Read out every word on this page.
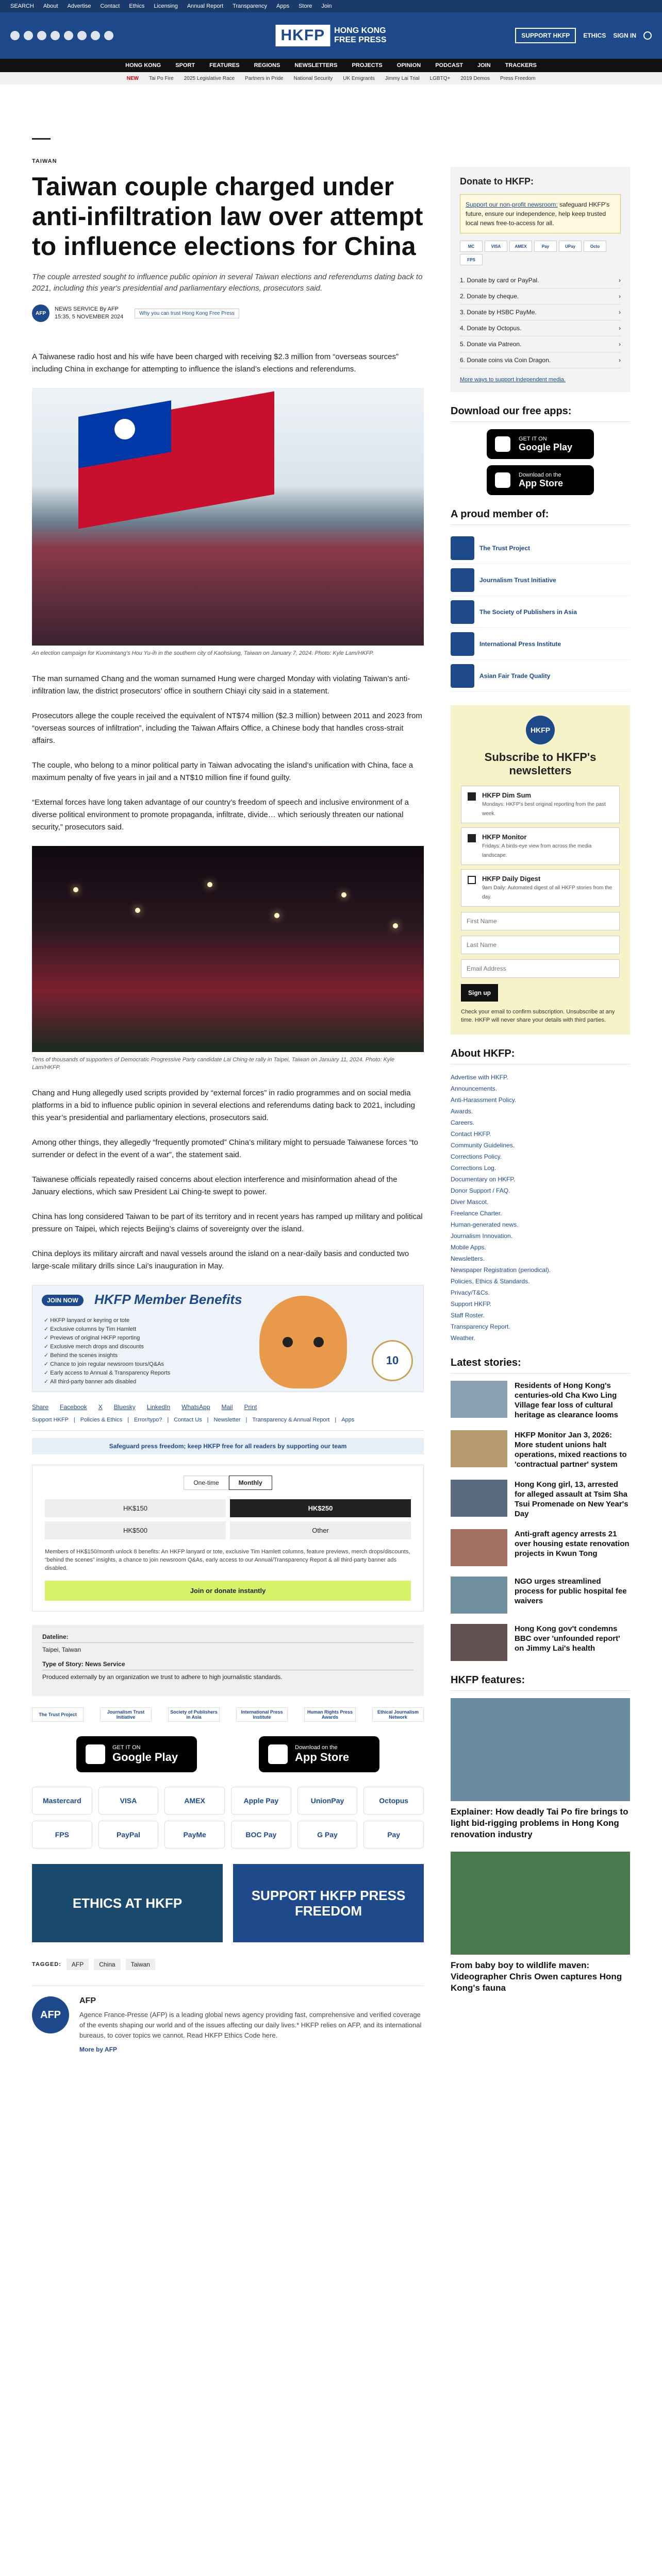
SEARCH About Advertise Contact Ethics Licensing Annual Report Transparency Apps Store Join
HKFP	HONG KONG
FREE PRESS	SUPPORT HKFP	ETHICS SIGN IN
HONG KONG	SPORT	FEATURES	REGIONS	NEWSLETTERS	PROJECTS	OPINION	PODCAST	JOIN	TRACKERS
NEW Tai Po Fire 2025 Legislative Race Partners in Pride National Security UK Emigrants Jimmy Lai Trial LGBTQ+ 2019 Demos Press Freedom
TAIWAN
Taiwan couple charged under anti-infiltration law over attempt to influence elections for China

The couple arrested sought to influence public opinion in several Taiwan elections and referendums dating back to 2021, including this year's presidential and parliamentary elections, prosecutors said.

AFP
NEWS SERVICE By AFP
15:35, 5 NOVEMBER 2024
Why you can trust Hong Kong Free Press

A Taiwanese radio host and his wife have been charged with receiving $2.3 million from “overseas sources” including China in exchange for attempting to influence the island’s elections and referendums.

An election campaign for Kuomintang’s Hou Yu-ih in the southern city of Kaohsiung, Taiwan on January 7, 2024. Photo: Kyle Lam/HKFP.

The man surnamed Chang and the woman surnamed Hung were charged Monday with violating Taiwan’s anti-infiltration law, the district prosecutors’ office in southern Chiayi city said in a statement.

Prosecutors allege the couple received the equivalent of NT$74 million ($2.3 million) between 2011 and 2023 from “overseas sources of infiltration”, including the Taiwan Affairs Office, a Chinese body that handles cross-strait affairs.

The couple, who belong to a minor political party in Taiwan advocating the island’s unification with China, face a maximum penalty of five years in jail and a NT$10 million fine if found guilty.

“External forces have long taken advantage of our country’s freedom of speech and inclusive environment of a diverse political environment to promote propaganda, infiltrate, divide… which seriously threaten our national security,” prosecutors said.

Tens of thousands of supporters of Democratic Progressive Party candidate Lai Ching-te rally in Taipei, Taiwan on January 11, 2024. Photo: Kyle Lam/HKFP.

Chang and Hung allegedly used scripts provided by “external forces” in radio programmes and on social media platforms in a bid to influence public opinion in several elections and referendums dating back to 2021, including this year’s presidential and parliamentary elections, prosecutors said.

Among other things, they allegedly “frequently promoted” China’s military might to persuade Taiwanese forces “to surrender or defect in the event of a war”, the statement said.

Taiwanese officials repeatedly raised concerns about election interference and misinformation ahead of the January elections, which saw President Lai Ching-te swept to power.

China has long considered Taiwan to be part of its territory and in recent years has ramped up military and political pressure on Taipei, which rejects Beijing’s claims of sovereignty over the island.

China deploys its military aircraft and naval vessels around the island on a near-daily basis and conducted two large-scale military drills since Lai’s inauguration in May.

JOIN NOW	HKFP Member Benefits
✓ HKFP lanyard or keyring or tote
✓ Exclusive columns by Tim Hamlett
✓ Previews of original HKFP reporting
✓ Exclusive merch drops and discounts
✓ Behind the scenes insights
✓ Chance to join regular newsroom tours/Q&As
✓ Early access to Annual & Transparency Reports
✓ All third-party banner ads disabled
10
Share Facebook X Bluesky LinkedIn WhatsApp Mail Print
Support HKFP | Policies & Ethics | Error/typo? | Contact Us | Newsletter | Transparency & Annual Report | Apps
Safeguard press freedom; keep HKFP free for all readers by supporting our team
One-time	Monthly
HK$150	HK$250
HK$500	Other

Members of HK$150/month unlock 8 benefits: An HKFP lanyard or tote, exclusive Tim Hamlett columns, feature previews, merch drops/discounts, “behind the scenes” insights, a chance to join newsroom Q&As, early access to our Annual/Transparency Report & all third-party banner ads disabled.

Join or donate instantly
Dateline:
Taipei, Taiwan
Type of Story: News Service
Produced externally by an organization we trust to adhere to high journalistic standards.
The Trust Project	Journalism Trust Initiative
Society of Publishers in Asia
International Press Institute
Human Rights Press Awards
Ethical Journalism Network
GET IT ON
Google Play
Download on the
App Store
Mastercard	VISA	AMEX	Apple Pay	UnionPay	Octopus
FPS	PayPal	PayMe	BOC Pay	G Pay	Pay
ETHICS AT HKFP	SUPPORT HKFP PRESS FREEDOM
TAGGED:	AFP	China	Taiwan
AFP
AFP

Agence France-Presse (AFP) is a leading global news agency providing fast, comprehensive and verified coverage of the events shaping our world and of the issues affecting our daily lives.* HKFP relies on AFP, and its international bureaus, to cover topics we cannot. Read HKFP Ethics Code here.

More by AFP
Donate to HKFP:
Support our non-profit newsroom: safeguard HKFP's future, ensure our independence, help keep trusted local news free-to-access for all.
MC	VISA	AMEX	Pay	UPay	Octo
FPS
1. Donate by card or PayPal.	›
2. Donate by cheque.	›
3. Donate by HSBC PayMe.	›
4. Donate by Octopus.	›
5. Donate via Patreon.	›
6. Donate coins via Coin Dragon.	›
More ways to support independent media.
Download our free apps:
GET IT ON
Google Play
Download on the
App Store
A proud member of:
The Trust Project
Journalism Trust Initiative
The Society of Publishers in Asia
International Press Institute
Asian Fair Trade Quality
HKFP
Subscribe to HKFP's newsletters
HKFP Dim Sum
Mondays: HKFP's best original reporting from the past week.
HKFP Monitor
Fridays: A birds-eye view from across the media landscape.
HKFP Daily Digest
9am Daily: Automated digest of all HKFP stories from the day.
First Name
Last Name
Email Address Sign up

Check your email to confirm subscription. Unsubscribe at any time. HKFP will never share your details with third parties.

About HKFP:
Advertise with HKFP.
Announcements.
Anti-Harassment Policy.
Awards.
Careers.
Contact HKFP.
Community Guidelines.
Corrections Policy.
Corrections Log.
Documentary on HKFP.
Donor Support / FAQ.
Diver Mascot.
Freelance Charter.
Human-generated news.
Journalism Innovation.
Mobile Apps.
Newsletters.
Newspaper Registration (periodical).
Policies, Ethics & Standards.
Privacy/T&Cs.
Support HKFP.
Staff Roster.
Transparency Report.
Weather.
Latest stories:
Residents of Hong Kong's centuries-old Cha Kwo Ling Village fear loss of cultural heritage as clearance looms
HKFP Monitor Jan 3, 2026: More student unions halt operations, mixed reactions to 'contractual partner' system
Hong Kong girl, 13, arrested for alleged assault at Tsim Sha Tsui Promenade on New Year's Day
Anti-graft agency arrests 21 over housing estate renovation projects in Kwun Tong
NGO urges streamlined process for public hospital fee waivers
Hong Kong gov't condemns BBC over 'unfounded report' on Jimmy Lai's health
HKFP features:
Explainer: How deadly Tai Po fire brings to light bid-rigging problems in Hong Kong renovation industry
From baby boy to wildlife maven: Videographer Chris Owen captures Hong Kong's fauna
